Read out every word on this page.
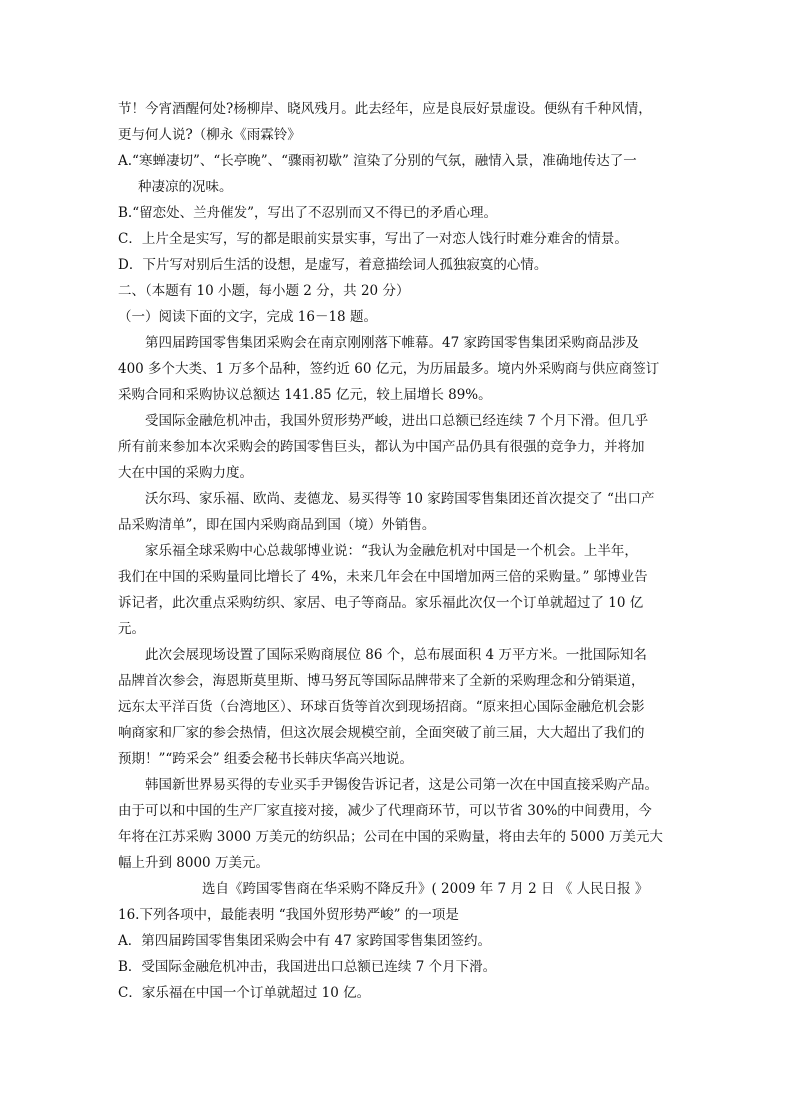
节！今宵酒醒何处?杨柳岸、晓风残月。此去经年，应是良辰好景虚设。便纵有千种风情，
更与何人说?（柳永《雨霖铃》
A.“寒蝉凄切”、“长亭晚”、“骤雨初歇” 渲染了分别的气氛，融情入景，准确地传达了一
种凄凉的况味。
B.“留恋处、兰舟催发”，写出了不忍别而又不得已的矛盾心理。
C．上片全是实写，写的都是眼前实景实事，写出了一对恋人饯行时难分难舍的情景。
D．下片写对别后生活的设想，是虚写，着意描绘词人孤独寂寞的心情。
二、（本题有 10 小题，每小题 2 分，共 20 分）
（一）阅读下面的文字，完成 16－18 题。
第四届跨国零售集团采购会在南京刚刚落下帷幕。47 家跨国零售集团采购商品涉及
400 多个大类、1 万多个品种，签约近 60 亿元，为历届最多。境内外采购商与供应商签订
采购合同和采购协议总额达 141.85 亿元，较上届增长 89%。
受国际金融危机冲击，我国外贸形势严峻，进出口总额已经连续 7 个月下滑。但几乎
所有前来参加本次采购会的跨国零售巨头，都认为中国产品仍具有很强的竞争力，并将加
大在中国的采购力度。
沃尔玛、家乐福、欧尚、麦德龙、易买得等 10 家跨国零售集团还首次提交了 “出口产
品采购清单”，即在国内采购商品到国（境）外销售。
家乐福全球采购中心总裁邬博业说：“我认为金融危机对中国是一个机会。上半年，
我们在中国的采购量同比增长了 4%，未来几年会在中国增加两三倍的采购量。” 邬博业告
诉记者，此次重点采购纺织、家居、电子等商品。家乐福此次仅一个订单就超过了 10 亿
元。
此次会展现场设置了国际采购商展位 86 个，总布展面积 4 万平方米。一批国际知名
品牌首次参会，海恩斯莫里斯、博马努瓦等国际品牌带来了全新的采购理念和分销渠道，
远东太平洋百货（台湾地区）、环球百货等首次到现场招商。“原来担心国际金融危机会影
响商家和厂家的参会热情，但这次展会规模空前，全面突破了前三届，大大超出了我们的
预期！”“跨采会” 组委会秘书长韩庆华高兴地说。
韩国新世界易买得的专业买手尹锡俊告诉记者，这是公司第一次在中国直接采购产品。
由于可以和中国的生产厂家直接对接，减少了代理商环节，可以节省 30%的中间费用，今
年将在江苏采购 3000 万美元的纺织品；公司在中国的采购量，将由去年的 5000 万美元大
幅上升到 8000 万美元。
选自《跨国零售商在华采购不降反升》( 2009 年 7 月 2 日 《 人民日报 》
16.下列各项中，最能表明 “我国外贸形势严峻” 的一项是
A．第四届跨国零售集团采购会中有 47 家跨国零售集团签约。
B．受国际金融危机冲击，我国进出口总额已连续 7 个月下滑。
C．家乐福在中国一个订单就超过 10 亿。
